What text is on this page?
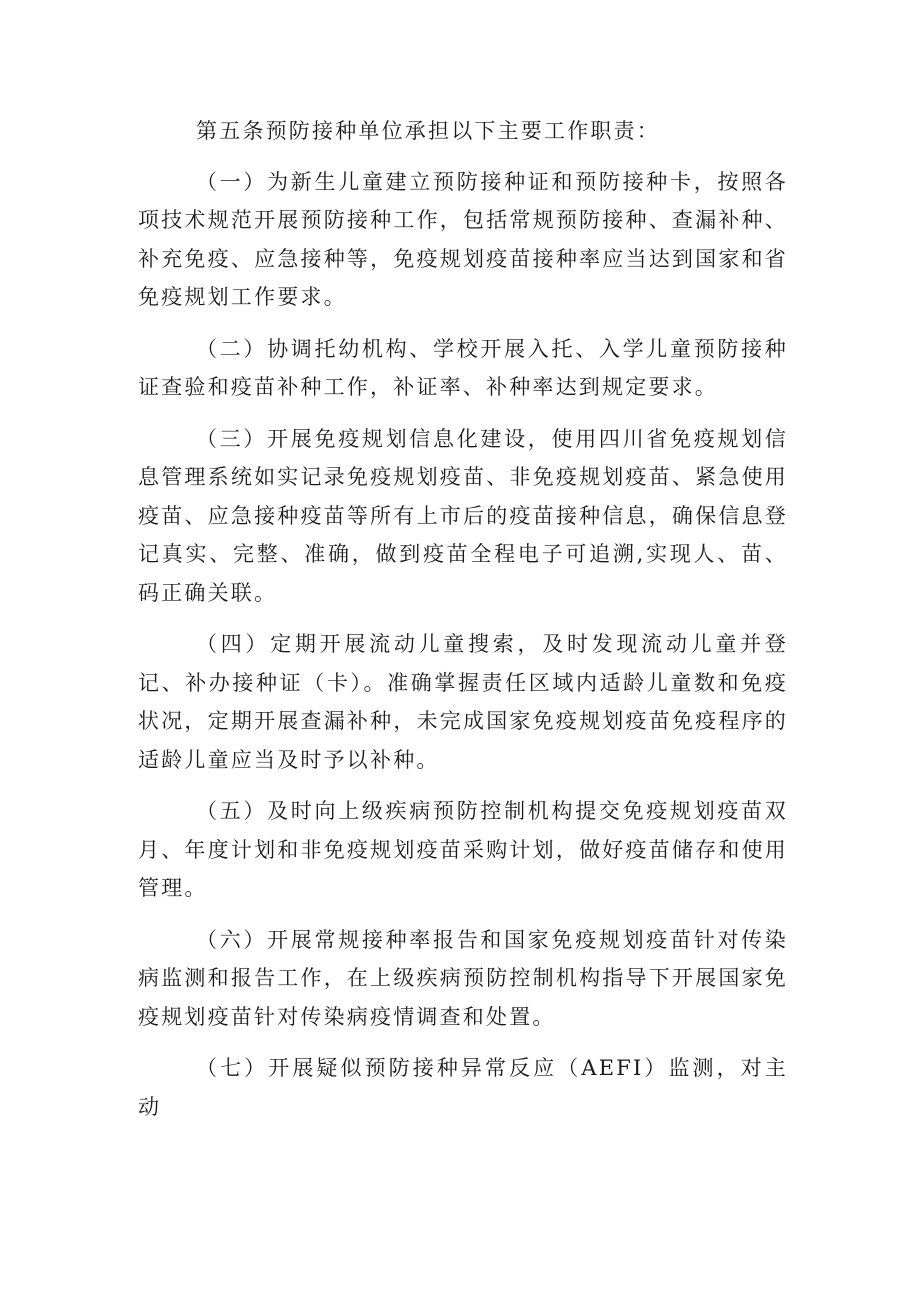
第五条预防接种单位承担以下主要工作职责：

（一）为新生儿童建立预防接种证和预防接种卡，按照各项技术规范开展预防接种工作，包括常规预防接种、查漏补种、补充免疫、应急接种等，免疫规划疫苗接种率应当达到国家和省免疫规划工作要求。

（二）协调托幼机构、学校开展入托、入学儿童预防接种证查验和疫苗补种工作，补证率、补种率达到规定要求。

（三）开展免疫规划信息化建设，使用四川省免疫规划信息管理系统如实记录免疫规划疫苗、非免疫规划疫苗、紧急使用疫苗、应急接种疫苗等所有上市后的疫苗接种信息，确保信息登记真实、完整、准确，做到疫苗全程电子可追溯,实现人、苗、码正确关联。

（四）定期开展流动儿童搜索，及时发现流动儿童并登记、补办接种证（卡）。准确掌握责任区域内适龄儿童数和免疫状况，定期开展查漏补种，未完成国家免疫规划疫苗免疫程序的适龄儿童应当及时予以补种。

（五）及时向上级疾病预防控制机构提交免疫规划疫苗双月、年度计划和非免疫规划疫苗采购计划，做好疫苗储存和使用管理。

（六）开展常规接种率报告和国家免疫规划疫苗针对传染病监测和报告工作，在上级疾病预防控制机构指导下开展国家免疫规划疫苗针对传染病疫情调查和处置。

（七）开展疑似预防接种异常反应（AEFI）监测，对主动
